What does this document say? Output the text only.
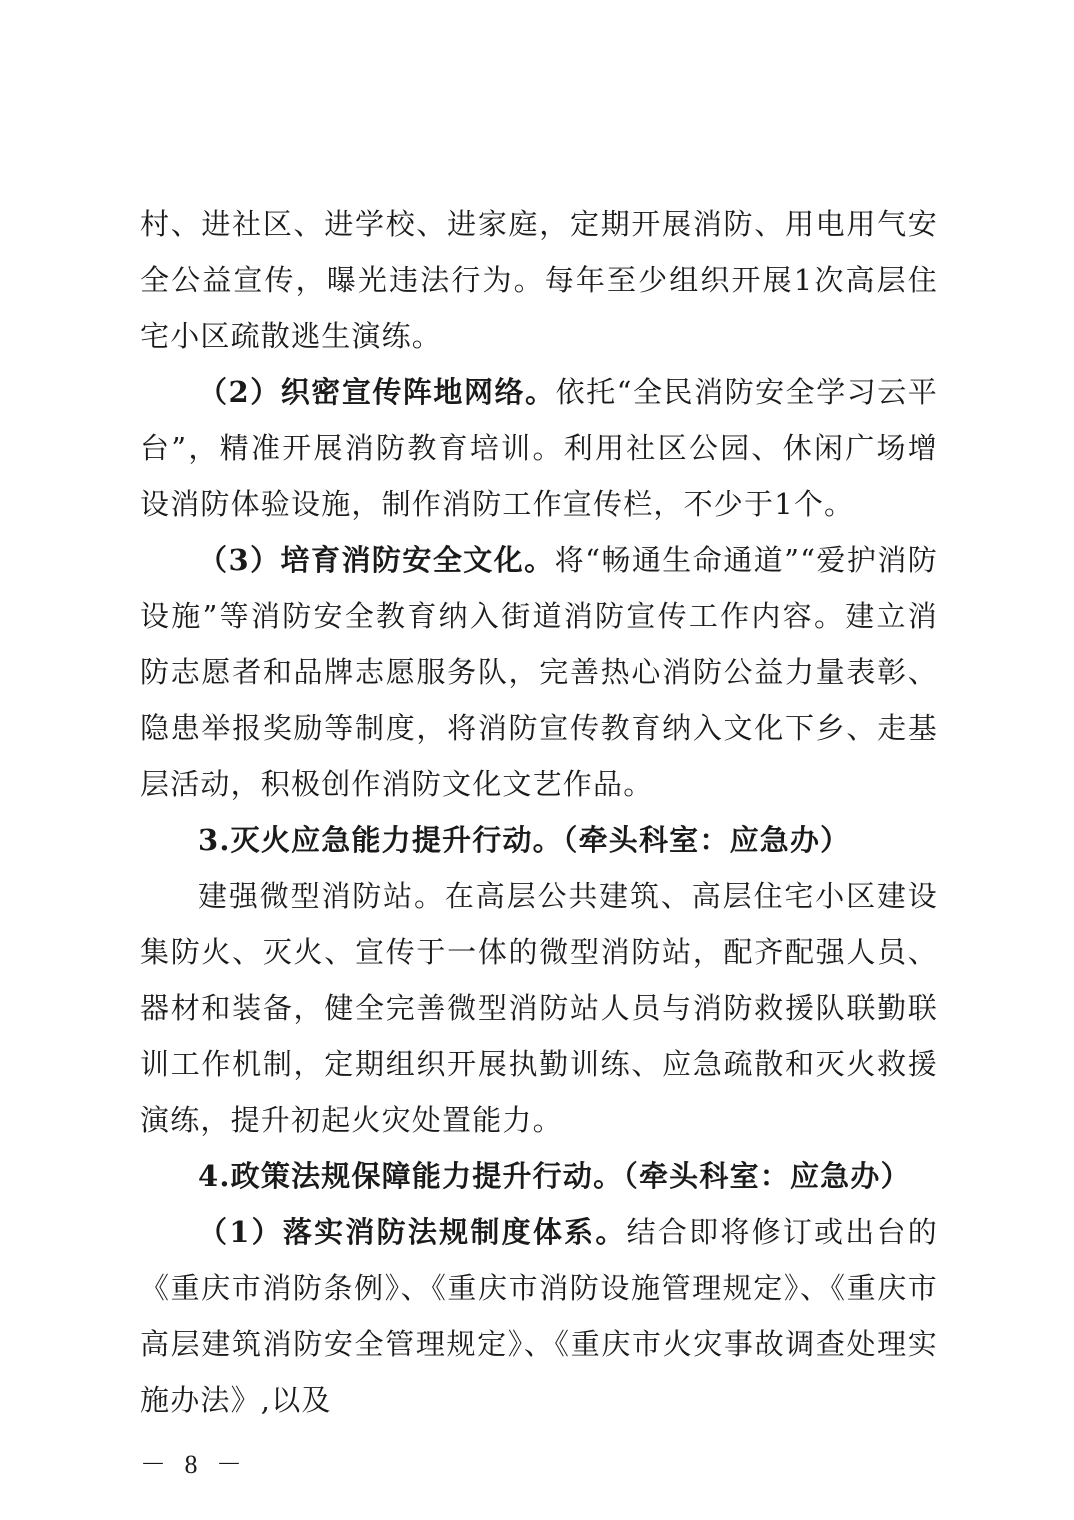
村、进社区、进学校、进家庭，定期开展消防、用电用气安全公益宣传，曝光违法行为。每年至少组织开展1次高层住宅小区疏散逃生演练。

（2）织密宣传阵地网络。依托“全民消防安全学习云平台”，精准开展消防教育培训。利用社区公园、休闲广场增设消防体验设施，制作消防工作宣传栏，不少于1个。

（3）培育消防安全文化。将“畅通生命通道”“爱护消防设施”等消防安全教育纳入街道消防宣传工作内容。建立消防志愿者和品牌志愿服务队，完善热心消防公益力量表彰、隐患举报奖励等制度，将消防宣传教育纳入文化下乡、走基层活动，积极创作消防文化文艺作品。

3.灭火应急能力提升行动。（牵头科室：应急办）

建强微型消防站。在高层公共建筑、高层住宅小区建设集防火、灭火、宣传于一体的微型消防站，配齐配强人员、器材和装备，健全完善微型消防站人员与消防救援队联勤联训工作机制，定期组织开展执勤训练、应急疏散和灭火救援演练，提升初起火灾处置能力。

4.政策法规保障能力提升行动。（牵头科室：应急办）

（1）落实消防法规制度体系。结合即将修订或出台的《重庆市消防条例》、《重庆市消防设施管理规定》、《重庆市高层建筑消防安全管理规定》、《重庆市火灾事故调查处理实施办法》,以及

－ 8 －
